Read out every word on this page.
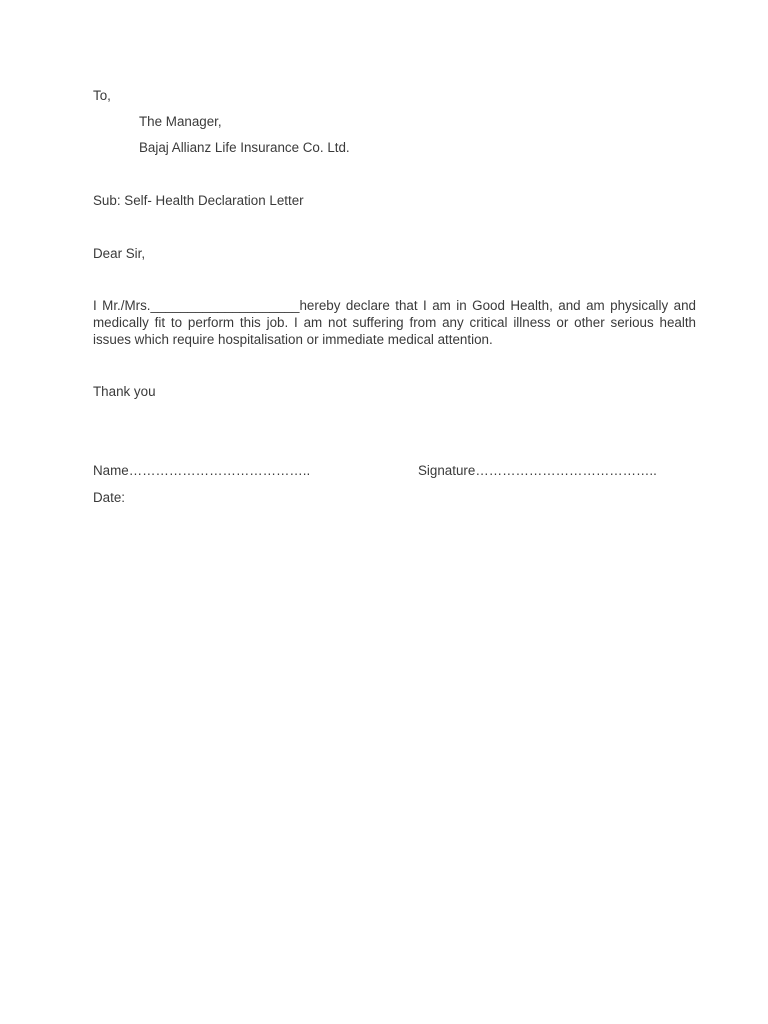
To,
The Manager,
Bajaj Allianz Life Insurance Co. Ltd.
Sub: Self- Health Declaration Letter
Dear Sir,
I Mr./Mrs.____________________hereby declare that I am in Good Health, and am physically and medically fit to perform this job. I am not suffering from any critical illness or other serious health issues which require hospitalisation or immediate medical attention.
Thank you
Name…………………………………..	Signature…………………………………..
Date:
